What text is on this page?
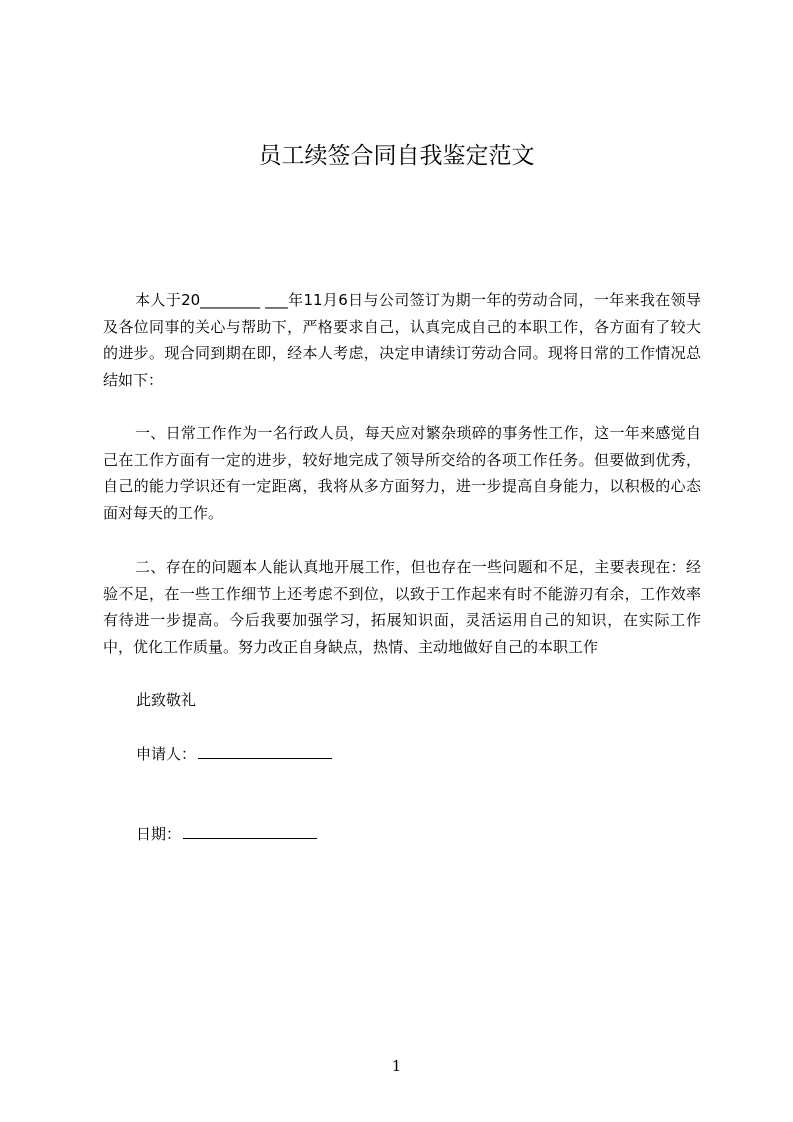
员工续签合同自我鉴定范文

本人于20________ ___年11月6日与公司签订为期一年的劳动合同，一年来我在领导及各位同事的关心与帮助下，严格要求自己，认真完成自己的本职工作，各方面有了较大的进步。现合同到期在即，经本人考虑，决定申请续订劳动合同。现将日常的工作情况总结如下：

一、日常工作作为一名行政人员，每天应对繁杂琐碎的事务性工作，这一年来感觉自己在工作方面有一定的进步，较好地完成了领导所交给的各项工作任务。但要做到优秀，自己的能力学识还有一定距离，我将从多方面努力，进一步提高自身能力，以积极的心态面对每天的工作。

二、存在的问题本人能认真地开展工作，但也存在一些问题和不足，主要表现在：经验不足，在一些工作细节上还考虑不到位，以致于工作起来有时不能游刃有余，工作效率有待进一步提高。今后我要加强学习，拓展知识面，灵活运用自己的知识，在实际工作中，优化工作质量。努力改正自身缺点，热情、主动地做好自己的本职工作

此致敬礼
申请人：
日期：
1
